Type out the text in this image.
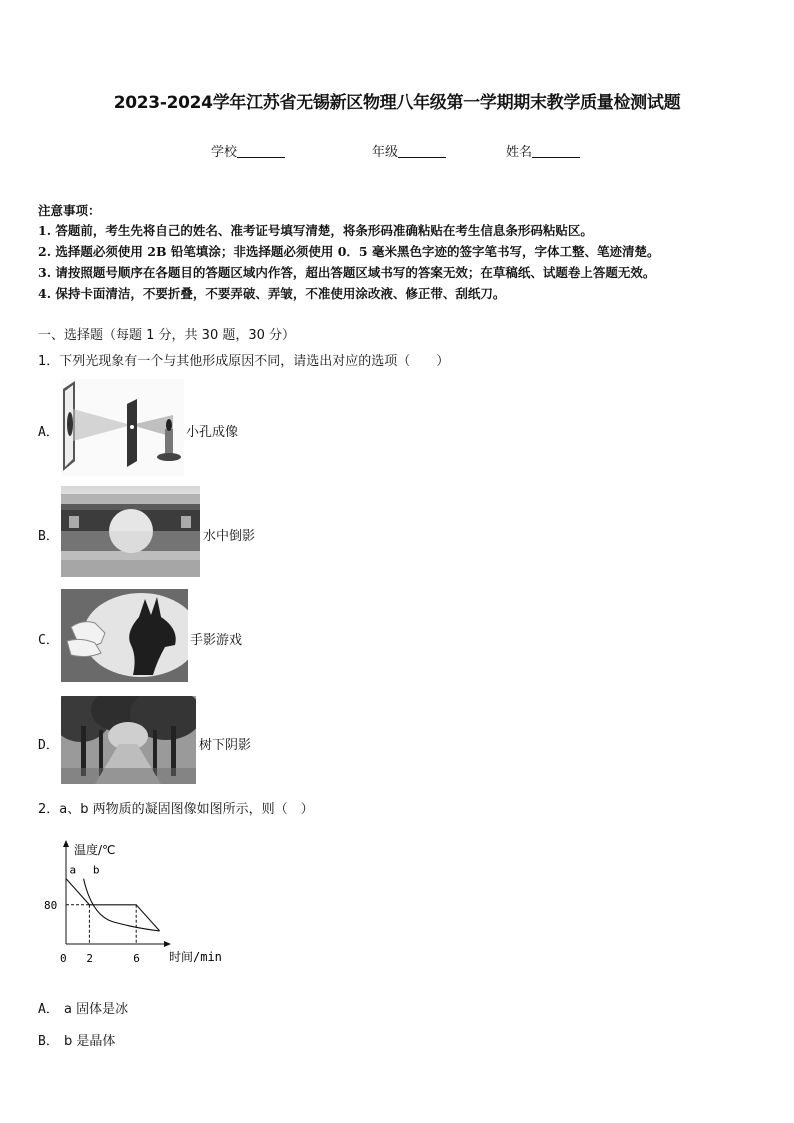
2023-2024学年江苏省无锡新区物理八年级第一学期期末教学质量检测试题
学校	年级	姓名
注意事项：
1. 答题前，考生先将自己的姓名、准考证号填写清楚，将条形码准确粘贴在考生信息条形码粘贴区。
2. 选择题必须使用 2B 铅笔填涂；非选择题必须使用 0．5 毫米黑色字迹的签字笔书写，字体工整、笔迹清楚。
3. 请按照题号顺序在各题目的答题区域内作答，超出答题区域书写的答案无效；在草稿纸、试题卷上答题无效。
4. 保持卡面清洁，不要折叠，不要弄破、弄皱，不准使用涂改液、修正带、刮纸刀。
一、选择题（每题 1 分，共 30 题，30 分）
1．下列光现象有一个与其他形成原因不同，请选出对应的选项（　　）
A．	小孔成像
B．	水中倒影
C．	手影游戏
D．	树下阴影
2．a、b 两物质的凝固图像如图所示，则（　）
温度/℃
时间/min
80
0 2	6
a b
A． a 固体是冰
B． b 是晶体
